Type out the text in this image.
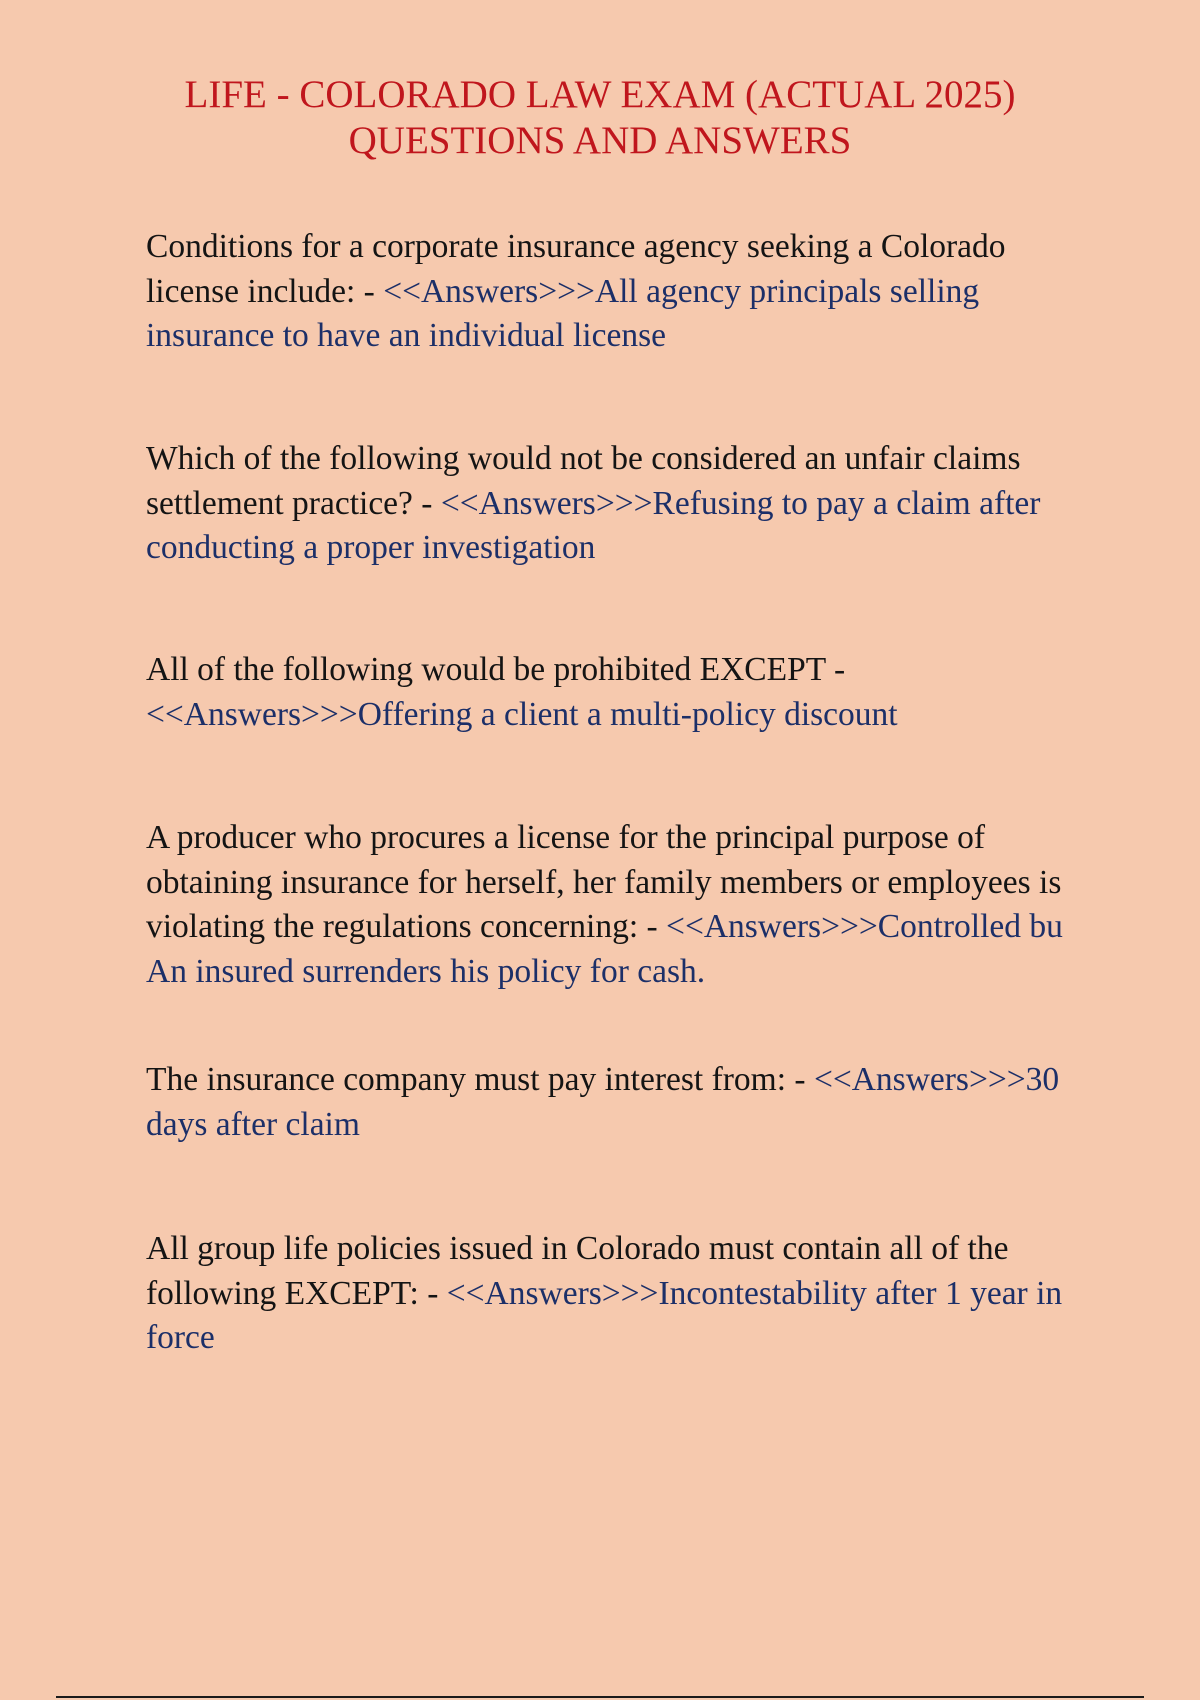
LIFE - COLORADO LAW EXAM (ACTUAL 2025)
QUESTIONS AND ANSWERS
Conditions for a corporate insurance agency seeking a Colorado license include: - <<Answers>>>All agency principals selling insurance to have an individual license
Which of the following would not be considered an unfair claims settlement practice? - <<Answers>>>Refusing to pay a claim after conducting a proper investigation
All of the following would be prohibited EXCEPT - <<Answers>>>Offering a client a multi-policy discount
A producer who procures a license for the principal purpose of obtaining insurance for herself, her family members or employees is violating the regulations concerning: - <<Answers>>>Controlled bu An insured surrenders his policy for cash.
The insurance company must pay interest from: - <<Answers>>>30 days after claim
All group life policies issued in Colorado must contain all of the following EXCEPT: - <<Answers>>>Incontestability after 1 year in force
